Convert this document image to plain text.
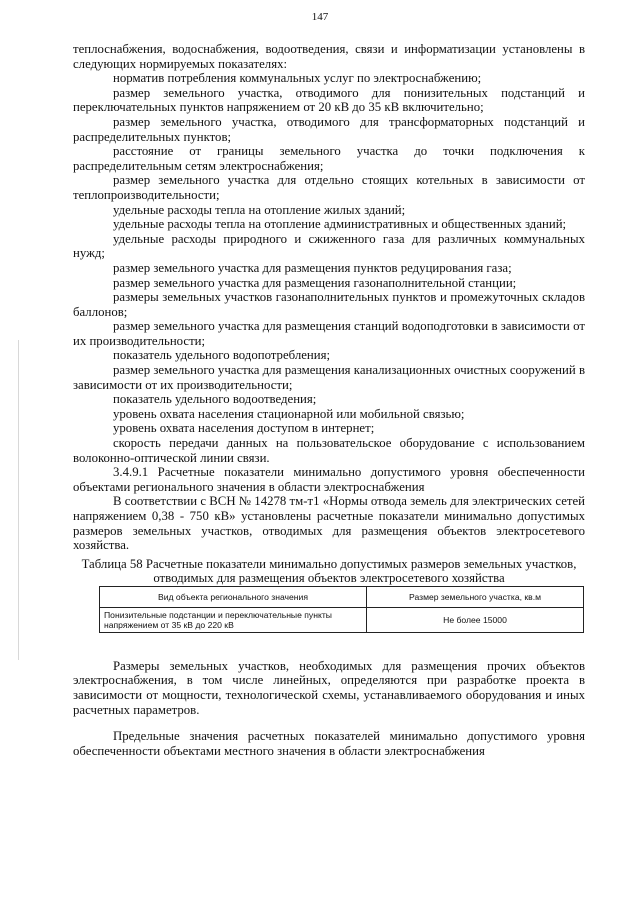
147

теплоснабжения, водоснабжения, водоотведения, связи и информатизации установлены в следующих нормируемых показателях:

норматив потребления коммунальных услуг по электроснабжению;

размер земельного участка, отводимого для понизительных подстанций и переключательных пунктов напряжением от 20 кВ до 35 кВ включительно;

размер земельного участка, отводимого для трансформаторных подстанций и распределительных пунктов;

расстояние от границы земельного участка до точки подключения к распределительным сетям электроснабжения;

размер земельного участка для отдельно стоящих котельных в зависимости от теплопроизводительности;

удельные расходы тепла на отопление жилых зданий;

удельные расходы тепла на отопление административных и общественных зданий;

удельные расходы природного и сжиженного газа для различных коммунальных нужд;

размер земельного участка для размещения пунктов редуцирования газа;

размер земельного участка для размещения газонаполнительной станции;

размеры земельных участков газонаполнительных пунктов и промежуточных складов баллонов;

размер земельного участка для размещения станций водоподготовки в зависимости от их производительности;

показатель удельного водопотребления;

размер земельного участка для размещения канализационных очистных сооружений в зависимости от их производительности;

показатель удельного водоотведения;

уровень охвата населения стационарной или мобильной связью;

уровень охвата населения доступом в интернет;

скорость передачи данных на пользовательское оборудование с использованием волоконно-оптической линии связи.

3.4.9.1 Расчетные показатели минимально допустимого уровня обеспеченности объектами регионального значения в области электроснабжения

В соответствии с ВСН № 14278 тм-т1 «Нормы отвода земель для электрических сетей напряжением 0,38 - 750 кВ» установлены расчетные показатели минимально допустимых размеров земельных участков, отводимых для размещения объектов электросетевого хозяйства.

Таблица 58 Расчетные показатели минимально допустимых размеров земельных участков, отводимых для размещения объектов электросетевого хозяйства

Вид объекта регионального значения	Размер земельного участка, кв.м
Понизительные подстанции и переключательные пункты напряжением от 35 кВ до 220 кВ	Не более 15000

Размеры земельных участков, необходимых для размещения прочих объектов электроснабжения, в том числе линейных, определяются при разработке проекта в зависимости от мощности, технологической схемы, устанавливаемого оборудования и иных расчетных параметров.

Предельные значения расчетных показателей минимально допустимого уровня обеспеченности объектами местного значения в области электроснабжения
